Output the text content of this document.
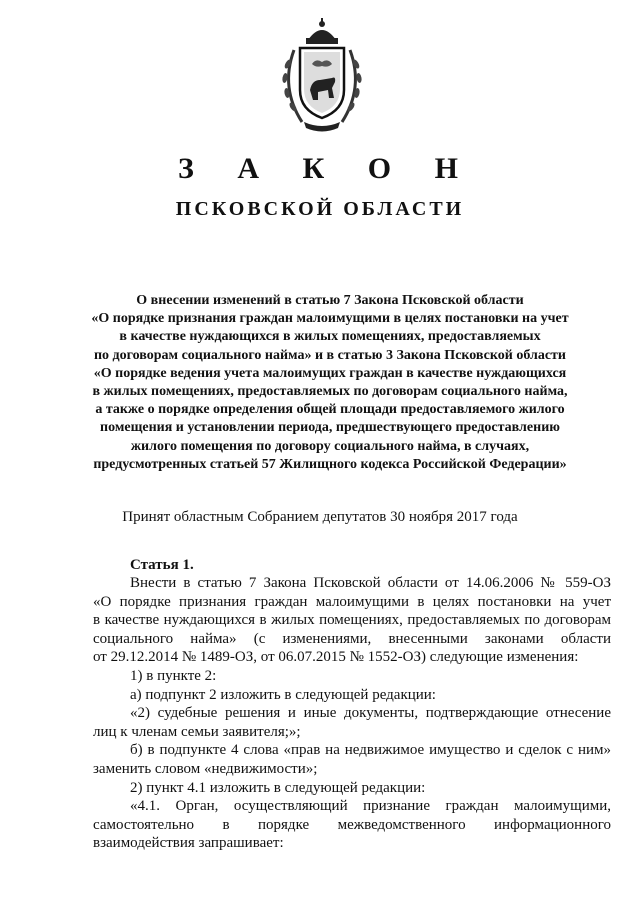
З А К О Н
ПСКОВСКОЙ ОБЛАСТИ
О внесении изменений в статью 7 Закона Псковской области
«О порядке признания граждан малоимущими в целях постановки на учет
в качестве нуждающихся в жилых помещениях, предоставляемых
по договорам социального найма» и в статью 3 Закона Псковской области
«О порядке ведения учета малоимущих граждан в качестве нуждающихся
в жилых помещениях, предоставляемых по договорам социального найма,
а также о порядке определения общей площади предоставляемого жилого
помещения и установлении периода, предшествующего предоставлению
жилого помещения по договору социального найма, в случаях,
предусмотренных статьей 57 Жилищного кодекса Российской Федерации»
Принят областным Собранием депутатов 30 ноября 2017 года
Статья 1.
Внести в статью 7 Закона Псковской области от 14.06.2006 № 559-ОЗ
«О порядке признания граждан малоимущими в целях постановки на учет
в качестве нуждающихся в жилых помещениях, предоставляемых по договорам
социального найма» (с изменениями, внесенными законами области
от 29.12.2014 № 1489-ОЗ, от 06.07.2015 № 1552-ОЗ) следующие изменения:
1) в пункте 2:
а) подпункт 2 изложить в следующей редакции:
«2) судебные решения и иные документы, подтверждающие отнесение
лиц к членам семьи заявителя;»;
б) в подпункте 4 слова «прав на недвижимое имущество и сделок с ним»
заменить словом «недвижимости»;
2) пункт 4.1 изложить в следующей редакции:
«4.1. Орган, осуществляющий признание граждан малоимущими,
самостоятельно в порядке межведомственного информационного
взаимодействия запрашивает:
